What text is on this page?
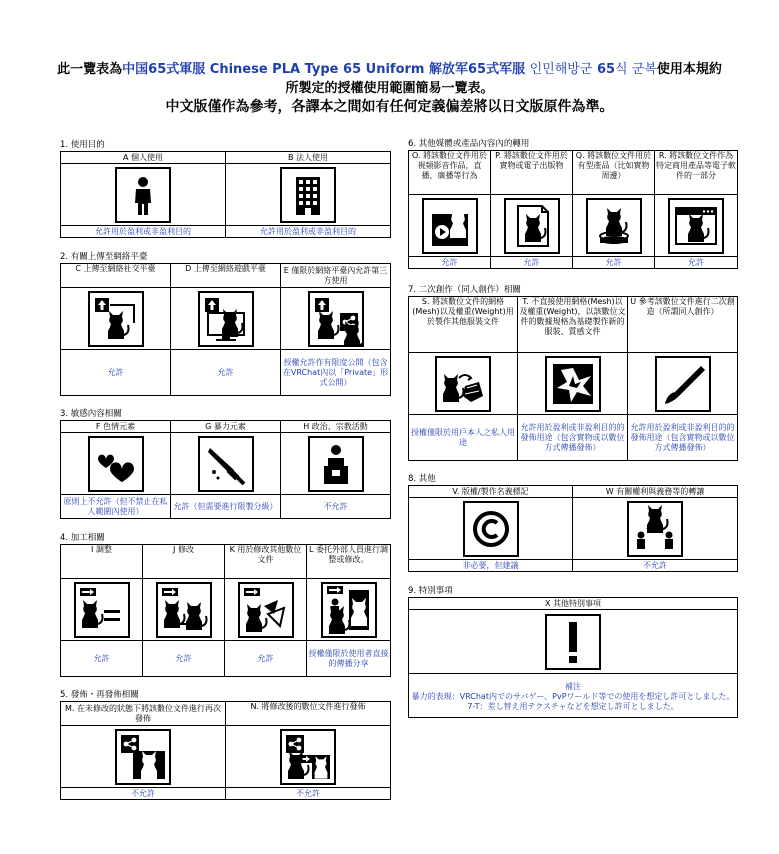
此一覽表為中国65式軍服 Chinese PLA Type 65 Uniform 解放军65式军服 인민해방군 65식 군복使用本規約
所製定的授權使用範圍簡易一覽表。
中文版僅作為參考，各譯本之間如有任何定義偏差將以日文版原件為準。
1. 使用目的
A 個人使用	B 法人使用

允許用於盈利或非盈利目的	允許用於盈利或非盈利目的
2. 有關上傳至網絡平臺
C 上傳至網絡社交平臺	D 上傳至網絡遊戲平臺	E 僅限於網絡平臺內允許第三方使用

允許	允許	授權允許作有限度公開（包含在VRChat內以「Private」形式公開）
3. 敏感內容相關
F 色情元素	G 暴力元素	H 政治、宗教活動

原則上不允許（但不禁止在私人範圍內使用）	允許（但需要進行限製分級）	不允許
4. 加工相關
I 調整	J 修改	K 用於修改其他數位文件	L 委托外部人員進行調整或修改。

允許	允許	允許	授權僅限於使用者直接的傳播分享
5. 發佈・再發佈相關
M. 在未修改的狀態下將該數位文件進行再次發佈	N. 將修改後的數位文件進行發佈

不允許	不允許
6. 其他媒體或產品內容內的轉用
O. 將該數位文件用於視頻影音作品，直播，廣播等行為	P. 將該數位文件用於實物或電子出版物	Q. 將該數位文件用於有型產品（比如實物周邊）	R. 將該數位文件作為特定商用產品等電子軟件的一部分

允許	允許	允許	允許
7. 二次創作（同人創作）相關
S. 將該數位文件的網格(Mesh)以及權重(Weight)用於製作其他服裝文件	T. 不直接使用網格(Mesh)以及權重(Weight)，以該數位文件的數據規格為基礎製作新的服裝、質感文件	U 參考該數位文件進行二次創造（所謂同人創作）

授權僅限於用戶本人之私人用途	允許用於盈利或非盈利目的的發佈用途（包含實物或以數位方式傳播發佈）	允許用於盈利或非盈利目的的發佈用途（包含實物或以數位方式傳播發佈）
8. 其他
V. 版權/製作名義標記	W 有關權利與義務等的轉讓

非必要，但建議	不允許
9. 特別事項
X 其他特別事項

補注
暴力的表現：VRChat内でのサバゲー、PvPワールド等での使用を想定し許可としました。
7-T：差し替え用テクスチャなどを想定し許可としました。
